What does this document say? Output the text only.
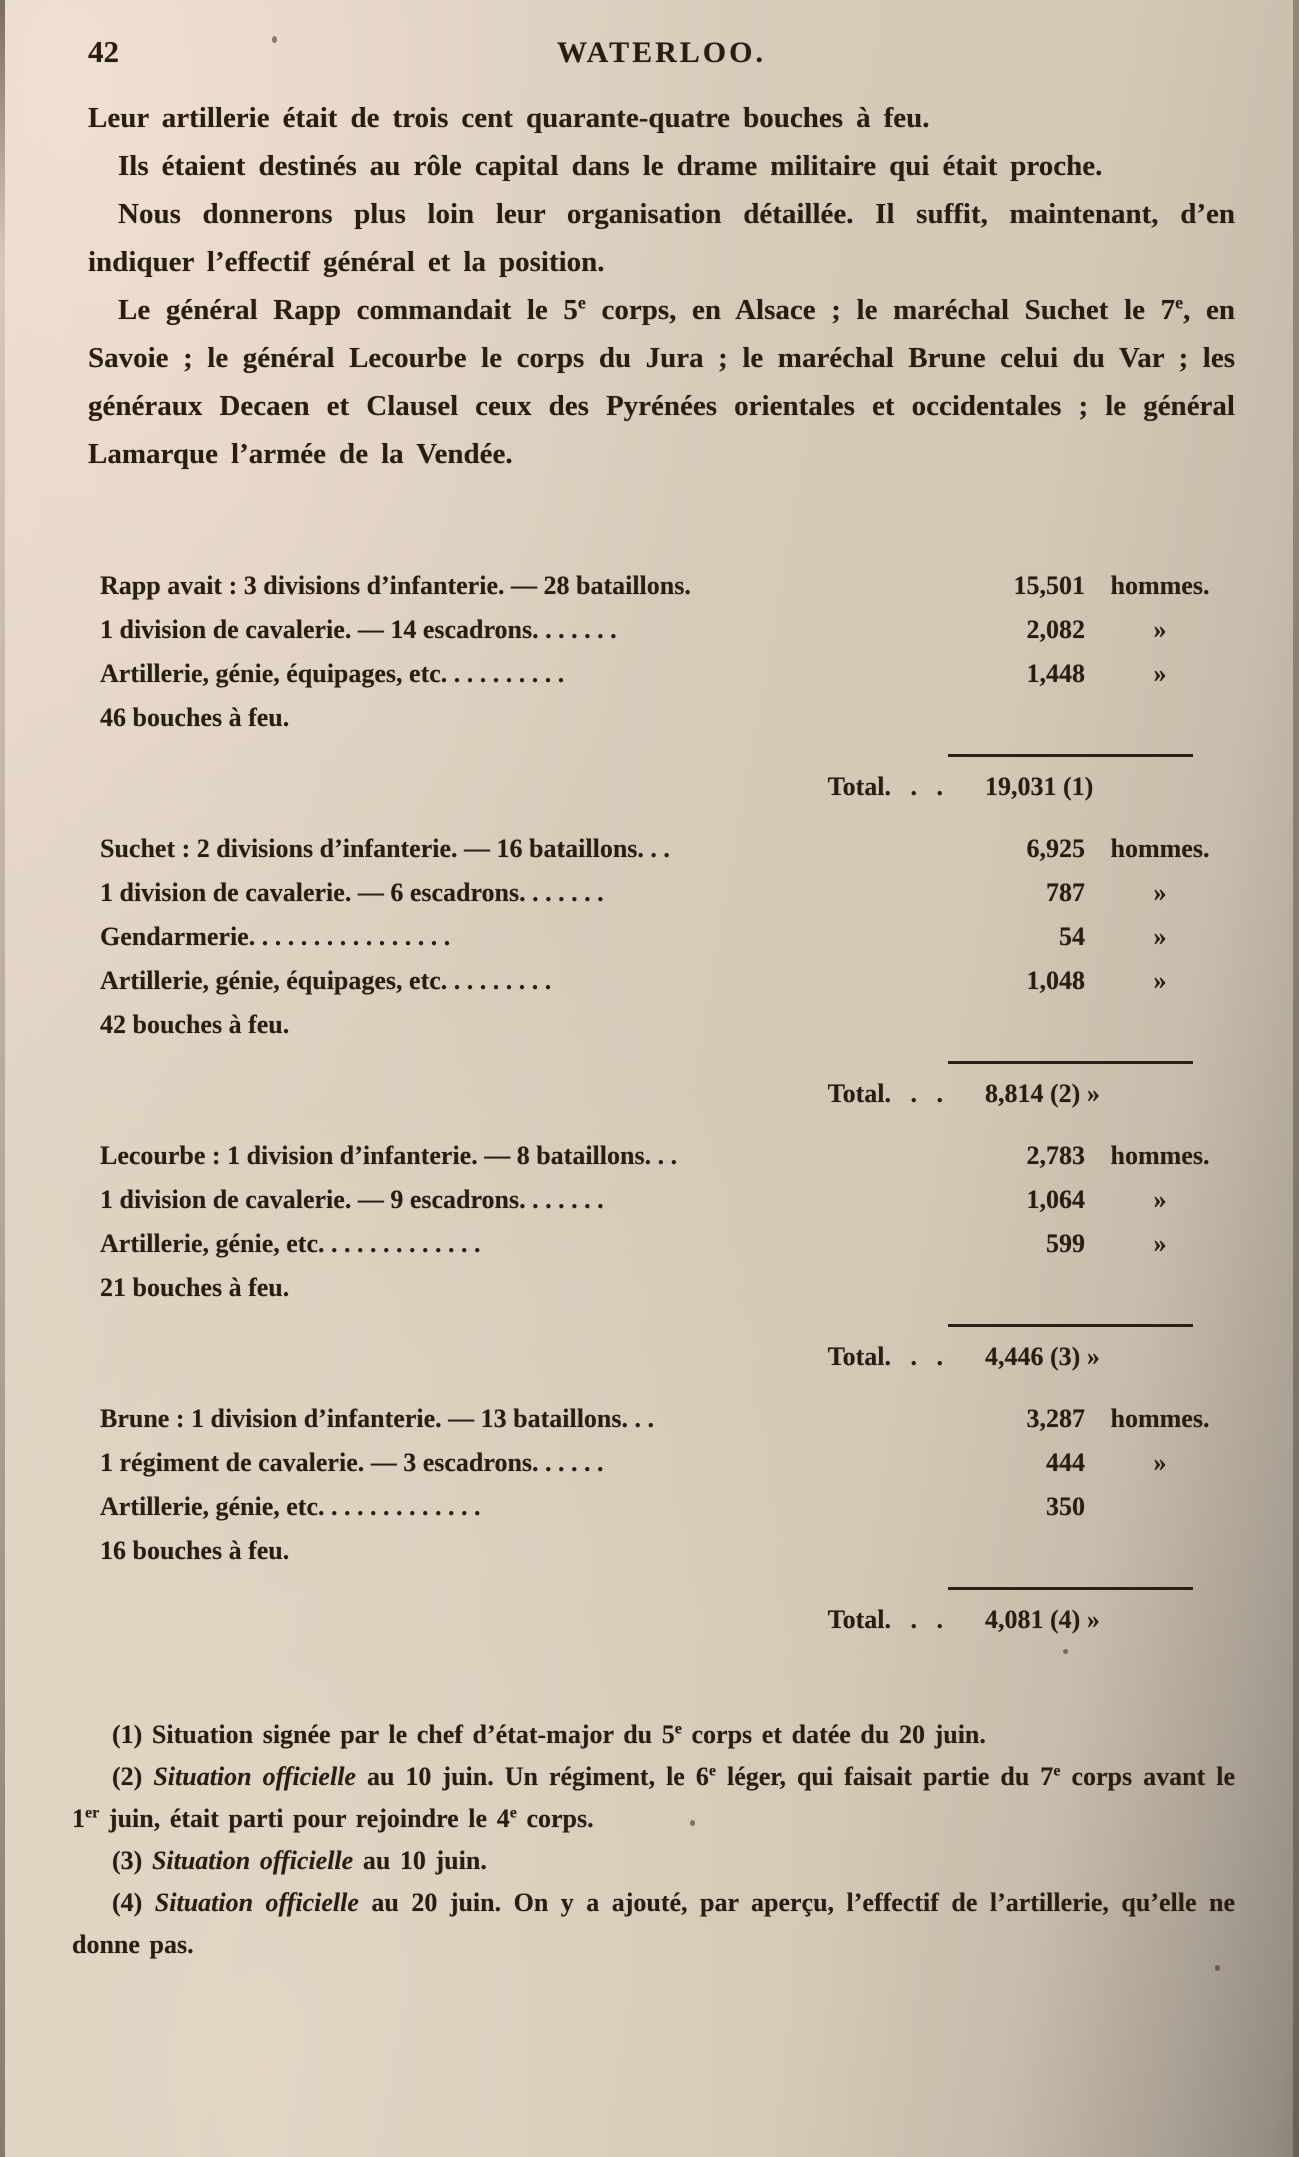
42	WATERLOO.

Leur artillerie était de trois cent quarante-quatre bouches à feu.

Ils étaient destinés au rôle capital dans le drame militaire qui était proche.

Nous donnerons plus loin leur organisation détaillée. Il suffit, maintenant, d’en indiquer l’effectif général et la position.

Le général Rapp commandait le 5e corps, en Alsace ; le maréchal Suchet le 7e, en Savoie ; le général Lecourbe le corps du Jura ; le maréchal Brune celui du Var ; les généraux Decaen et Clausel ceux des Pyrénées orientales et occidentales ; le général Lamarque l’armée de la Vendée.

Rapp avait : 3 divisions d’infanterie. — 28 bataillons.	15,501 hommes.
1 division de cavalerie. — 14 escadrons. . . . . . .	2,082	»
Artillerie, génie, équipages, etc. . . . . . . . . .	1,448	»
46 bouches à feu.
Total. . . 19,031 (1)
Suchet : 2 divisions d’infanterie. — 16 bataillons. . .	6,925 hommes.
1 division de cavalerie. — 6 escadrons. . . . . . .	787	»
Gendarmerie. . . . . . . . . . . . . . . .	54	»
Artillerie, génie, équipages, etc. . . . . . . . .	1,048	»
42 bouches à feu.
Total. . . 8,814 (2) »
Lecourbe : 1 division d’infanterie. — 8 bataillons. . .	2,783 hommes.
1 division de cavalerie. — 9 escadrons. . . . . . .	1,064	»
Artillerie, génie, etc. . . . . . . . . . . . .	599	»
21 bouches à feu.
Total. . . 4,446 (3) »
Brune : 1 division d’infanterie. — 13 bataillons. . .	3,287 hommes.
1 régiment de cavalerie. — 3 escadrons. . . . . .	444	»
Artillerie, génie, etc. . . . . . . . . . . . .	350
16 bouches à feu.
Total. . . 4,081 (4) »

(1) Situation signée par le chef d’état-major du 5e corps et datée du 20 juin.

(2) Situation officielle au 10 juin. Un régiment, le 6e léger, qui faisait partie du 7e corps avant le 1er juin, était parti pour rejoindre le 4e corps.

(3) Situation officielle au 10 juin.

(4) Situation officielle au 20 juin. On y a ajouté, par aperçu, l’effectif de l’artillerie, qu’elle ne donne pas.
